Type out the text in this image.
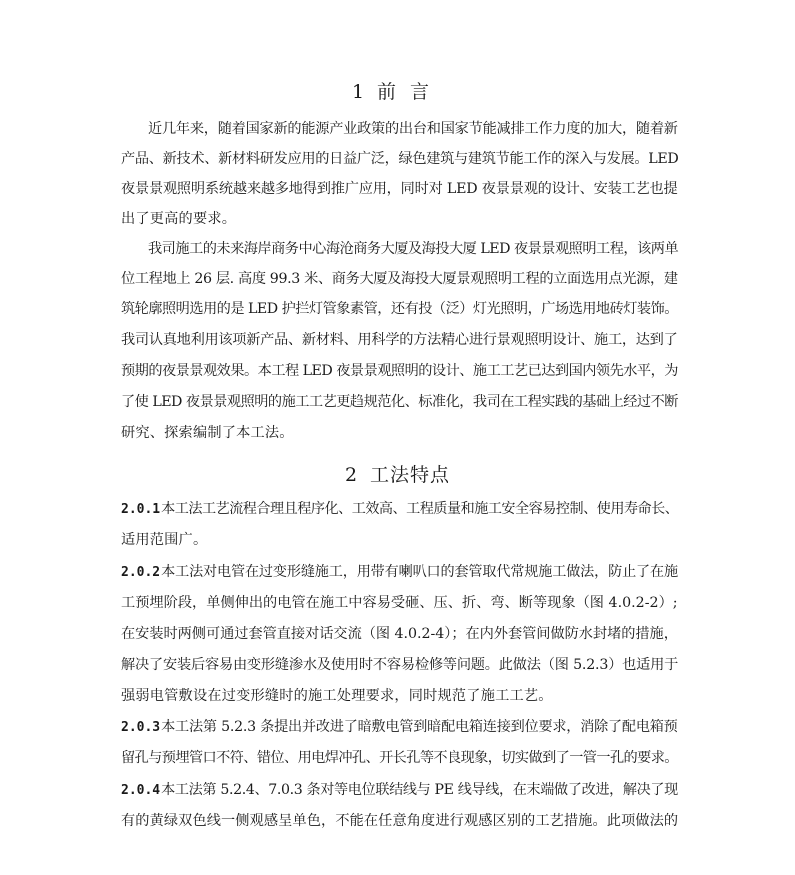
1 前言
近几年来，随着国家新的能源产业政策的出台和国家节能减排工作力度的加大，随着新
产品、新技术、新材料研发应用的日益广泛，绿色建筑与建筑节能工作的深入与发展。LED
夜景景观照明系统越来越多地得到推广应用，同时对 LED 夜景景观的设计、安装工艺也提
出了更高的要求。
我司施工的未来海岸商务中心海沧商务大厦及海投大厦 LED 夜景景观照明工程，该两单
位工程地上 26 层. 高度 99.3 米、商务大厦及海投大厦景观照明工程的立面选用点光源，建
筑轮廓照明选用的是 LED 护拦灯管象素管，还有投（泛）灯光照明，广场选用地砖灯装饰。
我司认真地利用该项新产品、新材料、用科学的方法精心进行景观照明设计、施工，达到了
预期的夜景景观效果。本工程 LED 夜景景观照明的设计、施工工艺已达到国内领先水平，为
了使 LED 夜景景观照明的施工工艺更趋规范化、标准化，我司在工程实践的基础上经过不断
研究、探索编制了本工法。
2 工法特点
2.0.1本工法工艺流程合理且程序化、工效高、工程质量和施工安全容易控制、使用寿命长、
适用范围广。
2.0.2本工法对电管在过变形缝施工，用带有喇叭口的套管取代常规施工做法，防止了在施
工预埋阶段，单侧伸出的电管在施工中容易受砸、压、折、弯、断等现象（图 4.0.2-2）;
在安装时两侧可通过套管直接对话交流（图 4.0.2-4）；在内外套管间做防水封堵的措施，
解决了安装后容易由变形缝渗水及使用时不容易检修等问题。此做法（图 5.2.3）也适用于
强弱电管敷设在过变形缝时的施工处理要求，同时规范了施工工艺。
2.0.3本工法第 5.2.3 条提出并改进了暗敷电管到暗配电箱连接到位要求，消除了配电箱预
留孔与预埋管口不符、错位、用电焊冲孔、开长孔等不良现象，切实做到了一管一孔的要求。
2.0.4本工法第 5.2.4、7.0.3 条对等电位联结线与 PE 线导线，在末端做了改进，解决了现
有的黄绿双色线一侧观感呈单色，不能在任意角度进行观感区别的工艺措施。此项做法的
